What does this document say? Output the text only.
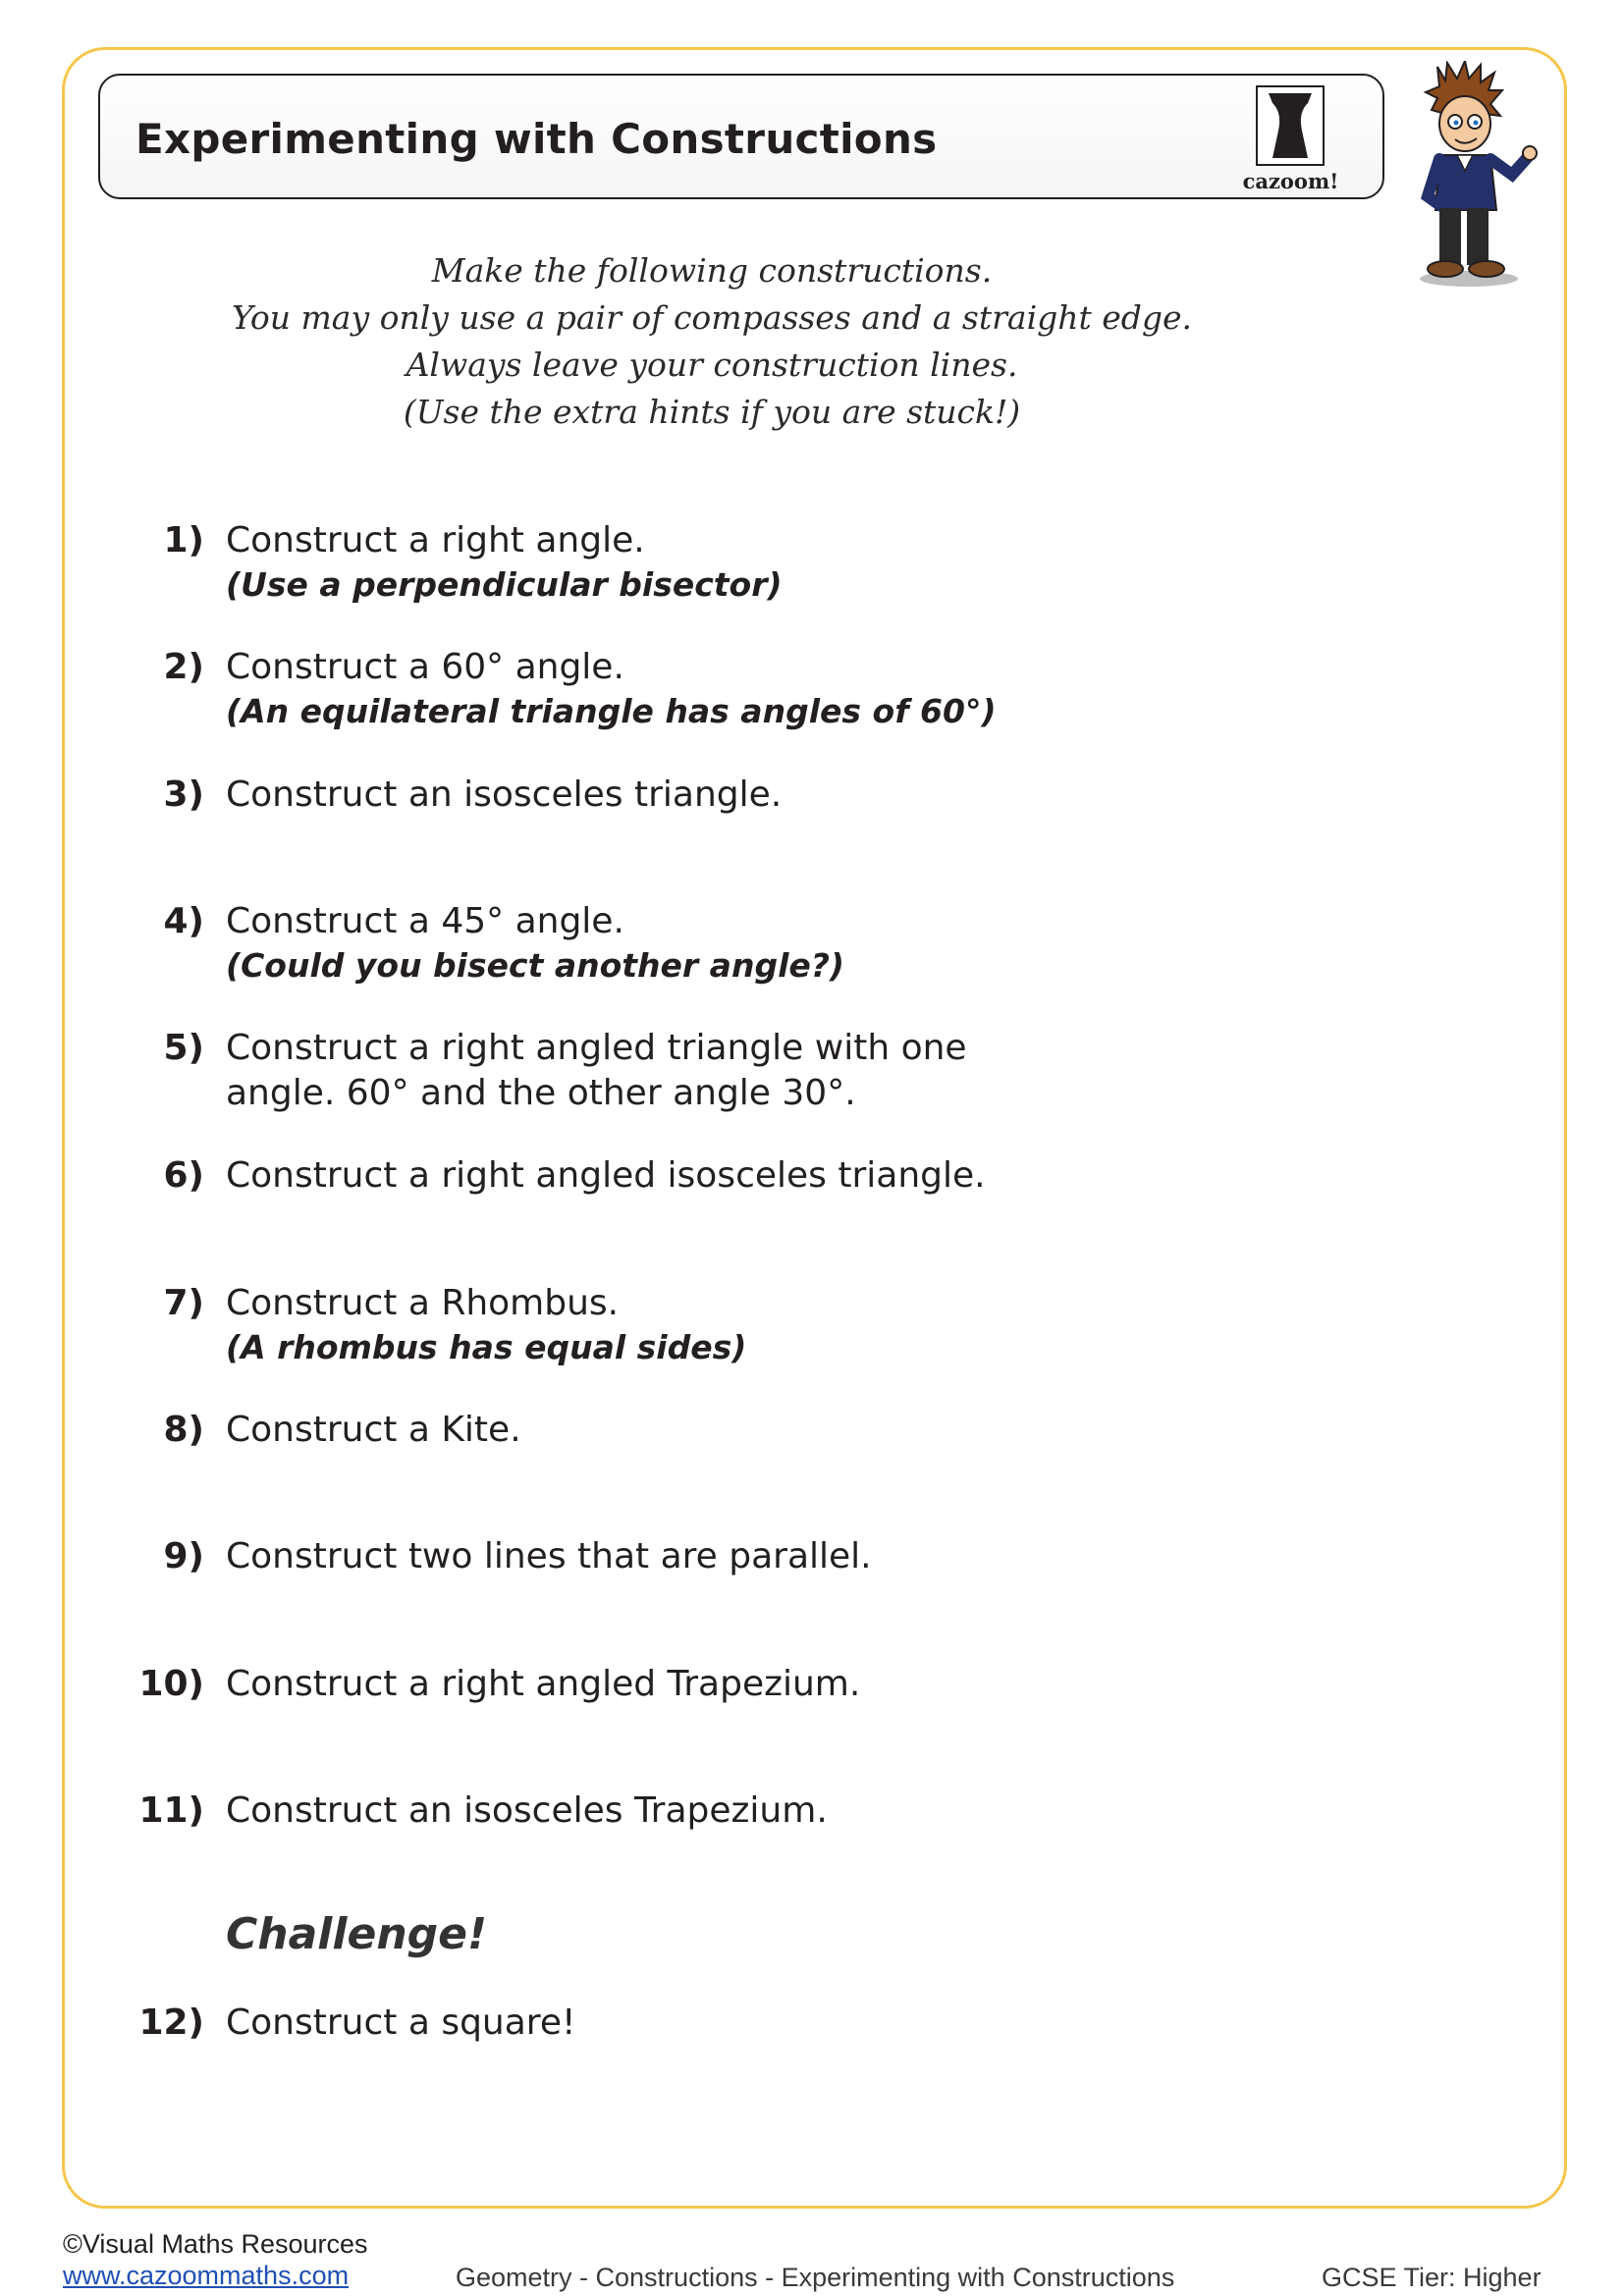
Experimenting with Constructions
cazoom!
Make the following constructions.
You may only use a pair of compasses and a straight edge.
Always leave your construction lines.
(Use the extra hints if you are stuck!)
1) Construct a right angle.
(Use a perpendicular bisector)
2) Construct a 60° angle.
(An equilateral triangle has angles of 60°)
3) Construct an isosceles triangle.
4) Construct a 45° angle.
(Could you bisect another angle?)
5) Construct a right angled triangle with one
angle. 60° and the other angle 30°.
6) Construct a right angled isosceles triangle.
7) Construct a Rhombus.
(A rhombus has equal sides)
8) Construct a Kite.
9) Construct two lines that are parallel.
10) Construct a right angled Trapezium.
11) Construct an isosceles Trapezium.
Challenge!
12) Construct a square!
©Visual Maths Resources
www.cazoommaths.com	Geometry - Constructions - Experimenting with Constructions	GCSE Tier: Higher
